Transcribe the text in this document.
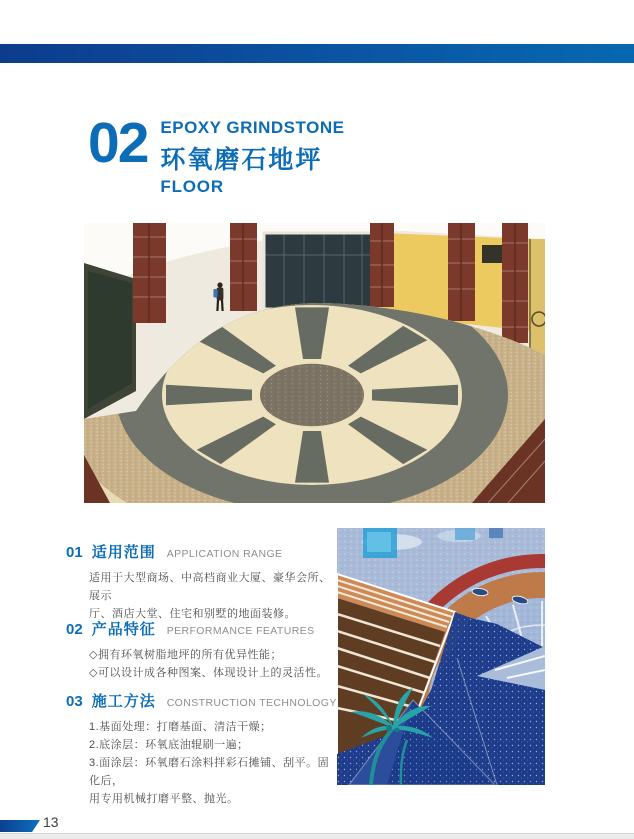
02 EPOXY GRINDSTONE
环氧磨石地坪
FLOOR
01 适用范围 APPLICATION RANGE
适用于大型商场、中高档商业大厦、豪华会所、展示
厅、酒店大堂、住宅和别墅的地面装修。
02 产品特征 PERFORMANCE FEATURES
◇拥有环氧树脂地坪的所有优异性能；
◇可以设计成各种图案、体现设计上的灵活性。
03 施工方法 CONSTRUCTION TECHNOLOGY
1.基面处理：打磨基面、清洁干燥；
2.底涂层：环氧底油辊刷一遍；
3.面涂层：环氧磨石涂料拌彩石摊铺、刮平。固化后，
用专用机械打磨平整、抛光。
13
